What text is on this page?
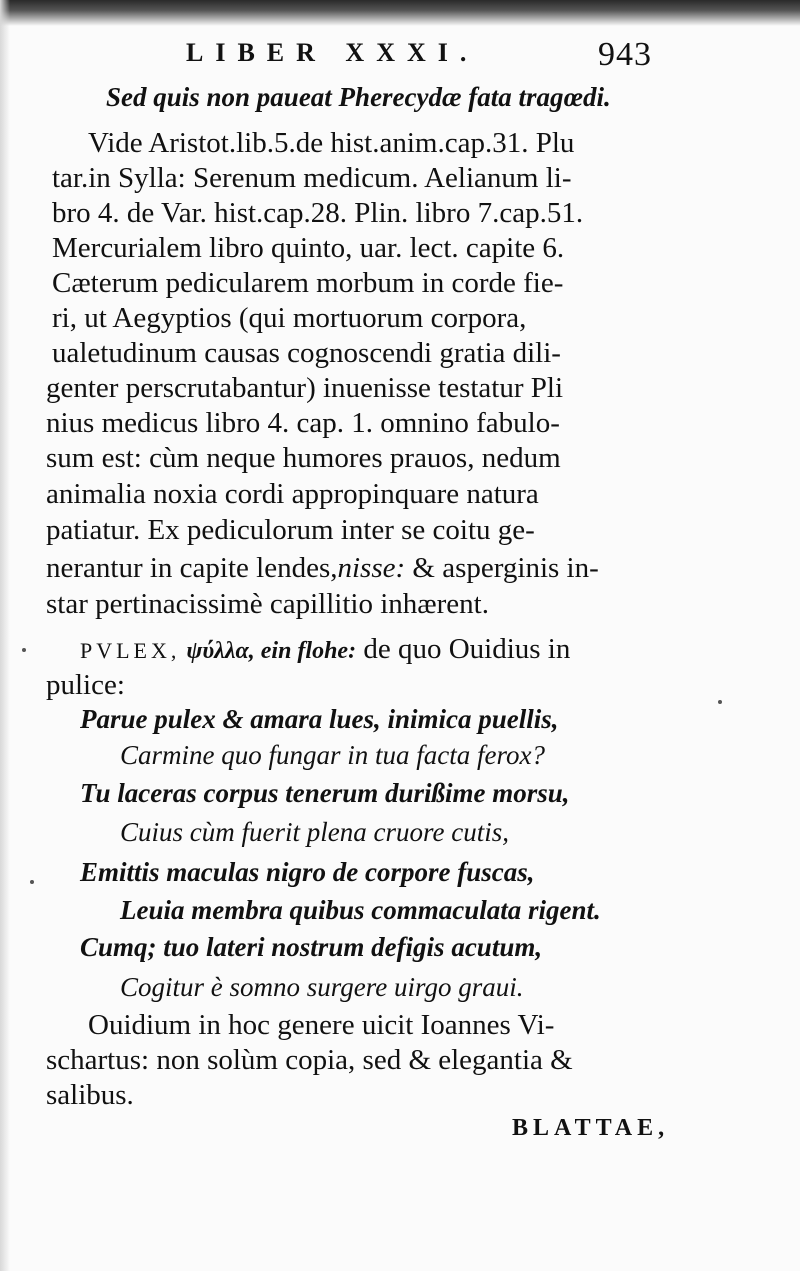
LIBER XXXI.	943
Sed quis non paueat Pherecydæ fata tragœdi.
Vide Aristot.lib.5.de hist.anim.cap.31. Plu
tar.in Sylla: Serenum medicum. Aelianum li-
bro 4. de Var. hist.cap.28. Plin. libro 7.cap.51.
Mercurialem libro quinto, uar. lect. capite 6.
Cæterum pedicularem morbum in corde fie-
ri, ut Aegyptios (qui mortuorum corpora,
ualetudinum causas cognoscendi gratia dili-
genter perscrutabantur) inuenisse testatur Pli
nius medicus libro 4. cap. 1. omnino fabulo-
sum est: cùm neque humores prauos, nedum
animalia noxia cordi appropinquare natura
patiatur. Ex pediculorum inter se coitu ge-
nerantur in capite lendes,nisse: & asperginis in-
star pertinacissimè capillitio inhærent.
PVLEX, ψύλλα, ein flohe: de quo Ouidius in
pulice:
Parue pulex & amara lues, inimica puellis,
Carmine quo fungar in tua facta ferox?
Tu laceras corpus tenerum durißime morsu,
Cuius cùm fuerit plena cruore cutis,
Emittis maculas nigro de corpore fuscas,
Leuia membra quibus commaculata rigent.
Cumq; tuo lateri nostrum defigis acutum,
Cogitur è somno surgere uirgo graui.
Ouidium in hoc genere uicit Ioannes Vi-
schartus: non solùm copia, sed & elegantia &
salibus.
BLATTAE,
